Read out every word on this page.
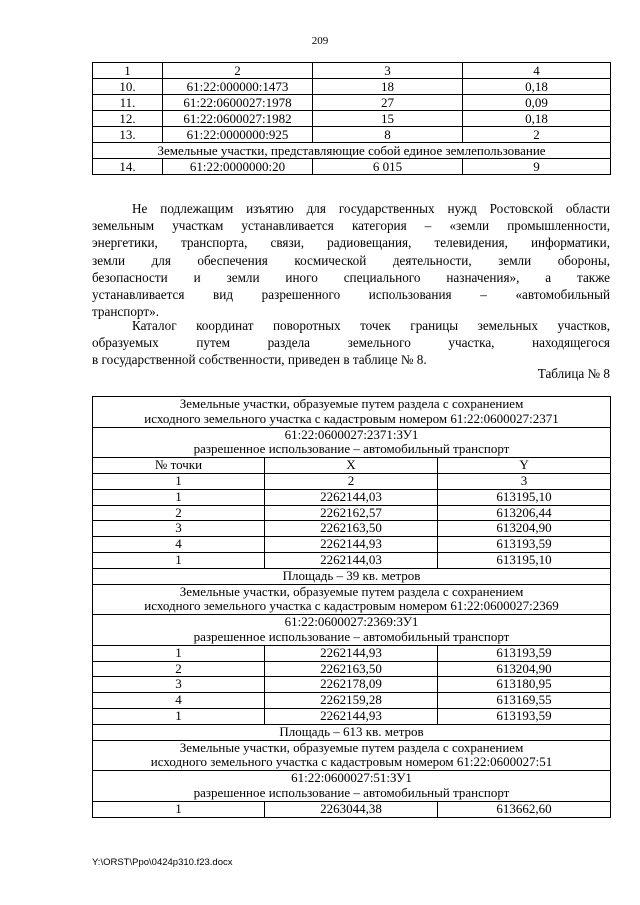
209
1	2	3	4
10.	61:22:000000:1473	18	0,18
11.	61:22:0600027:1978	27	0,09
12.	61:22:0600027:1982	15	0,18
13.	61:22:0000000:925	8	2
Земельные участки, представляющие собой единое землепользование			
14.	61:22:0000000:20	6 015	9
Не подлежащим изъятию для государственных нужд Ростовской области
земельным участкам устанавливается категория – «земли промышленности,
энергетики, транспорта, связи, радиовещания, телевидения, информатики,
земли для обеспечения космической деятельности, земли обороны,
безопасности и земли иного специального назначения», а также
устанавливается вид разрешенного использования – «автомобильный
транспорт».
Каталог координат поворотных точек границы земельных участков,
образуемых путем раздела земельного участка, находящегося
в государственной собственности, приведен в таблице № 8.
Таблица № 8
Земельные участки, образуемые путем раздела с сохранением
исходного земельного участка с кадастровым номером 61:22:0600027:2371		
61:22:0600027:2371:ЗУ1
разрешенное использование – автомобильный транспорт		
№ точки	X	Y
1	2	3
1	2262144,03	613195,10
2	2262162,57	613206,44
3	2262163,50	613204,90
4	2262144,93	613193,59
1	2262144,03	613195,10
Площадь – 39 кв. метров		
Земельные участки, образуемые путем раздела с сохранением
исходного земельного участка с кадастровым номером 61:22:0600027:2369		
61:22:0600027:2369:ЗУ1
разрешенное использование – автомобильный транспорт		
1	2262144,93	613193,59
2	2262163,50	613204,90
3	2262178,09	613180,95
4	2262159,28	613169,55
1	2262144,93	613193,59
Площадь – 613 кв. метров		
Земельные участки, образуемые путем раздела с сохранением
исходного земельного участка с кадастровым номером 61:22:0600027:51		
61:22:0600027:51:ЗУ1
разрешенное использование – автомобильный транспорт		
1	2263044,38	613662,60
Y:\ORST\Ppo\0424p310.f23.docx
